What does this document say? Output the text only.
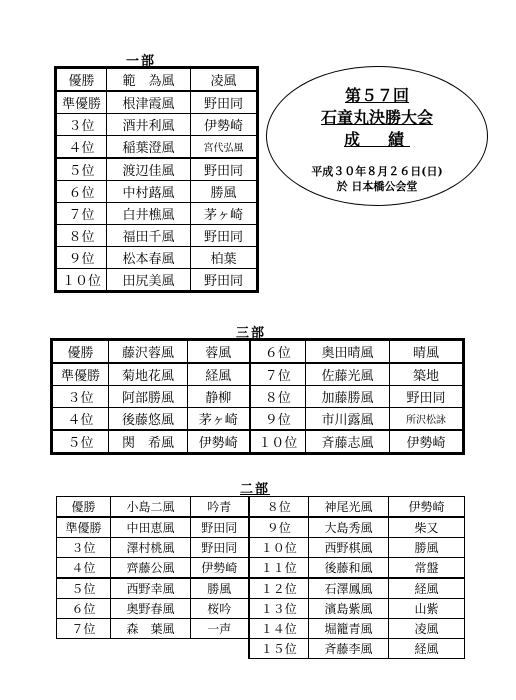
一部
優勝	範　為風	凌風
準優勝	根津霞風	野田同
３位	酒井利風	伊勢崎
４位	稲葉澄風	宮代弘風
５位	渡辺佳風	野田同
６位	中村蕗風	勝風
７位	白井樵風	茅ヶ崎
８位	福田千風	野田同
９位	松本春風	柏葉
１０位	田尻美風	野田同
第５７回
石童丸決勝大会
成　績
平成３０年８月２６日(日)
於 日本橋公会堂
三部
優勝	藤沢蓉風	蓉風	６位	奥田晴風	晴風
準優勝	菊地花風	経風	７位	佐藤光風	築地
３位	阿部勝風	静柳	８位	加藤勝風	野田同
４位	後藤悠風	茅ヶ崎	９位	市川露風	所沢松詠
５位	関　希風	伊勢崎	１０位	斉藤志風	伊勢崎
二部
優勝	小島二風	吟青	８位	神尾光風	伊勢崎
準優勝	中田恵風	野田同	９位	大島秀風	柴又
３位	澤村桃風	野田同	１０位	西野棋風	勝風
４位	齊藤公風	伊勢崎	１１位	後藤和風	常盤
５位	西野幸風	勝風	１２位	石澤鳳風	経風
６位	奥野春風	桜吟	１３位	濱島紫風	山紫
７位	森　葉風	一声	１４位	堀籠青風	凌風
			１５位	斉藤李風	経風
